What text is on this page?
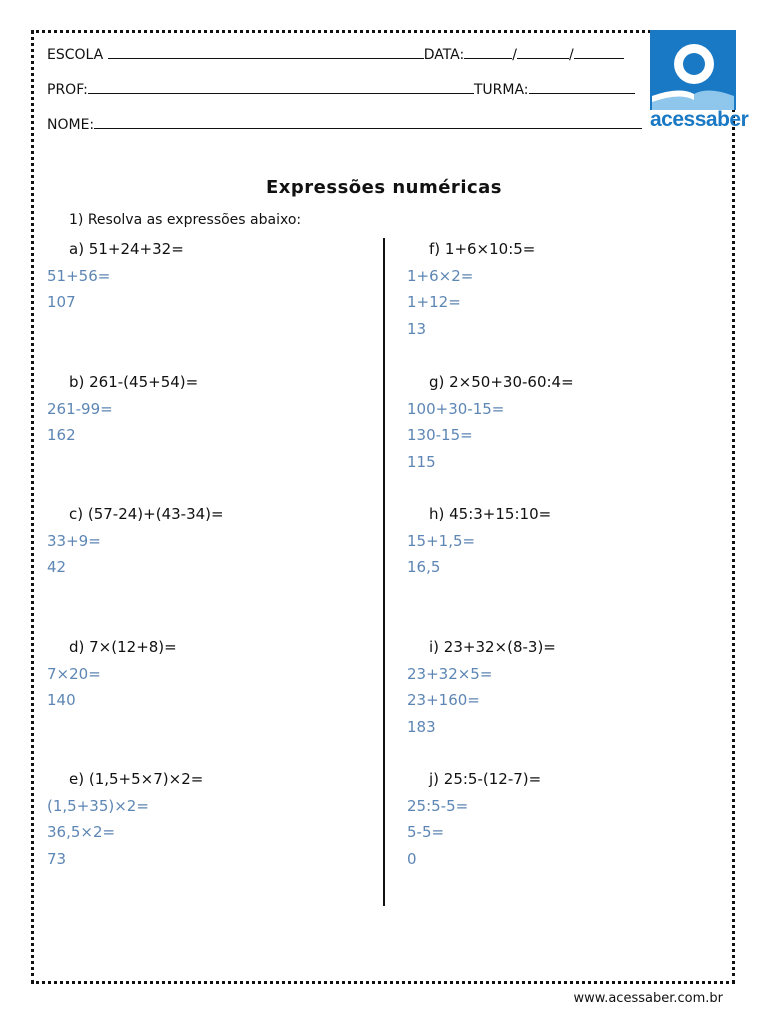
ESCOLA	DATA:	/	/
PROF:	TURMA:
NOME:	acessaber
Expressões numéricas
1) Resolva as expressões abaixo:
a) 51+24+32=
51+56=
107
b) 261-(45+54)=
261-99=
162
c) (57-24)+(43-34)=
33+9=
42
d) 7×(12+8)=
7×20=
140
e) (1,5+5×7)×2=
(1,5+35)×2=
36,5×2=
73
f) 1+6×10:5=
1+6×2=
1+12=
13
g) 2×50+30-60:4=
100+30-15=
130-15=
115
h) 45:3+15:10=
15+1,5=
16,5
i) 23+32×(8-3)=
23+32×5=
23+160=
183
j) 25:5-(12-7)=
25:5-5=
5-5=
0
www.acessaber.com.br
